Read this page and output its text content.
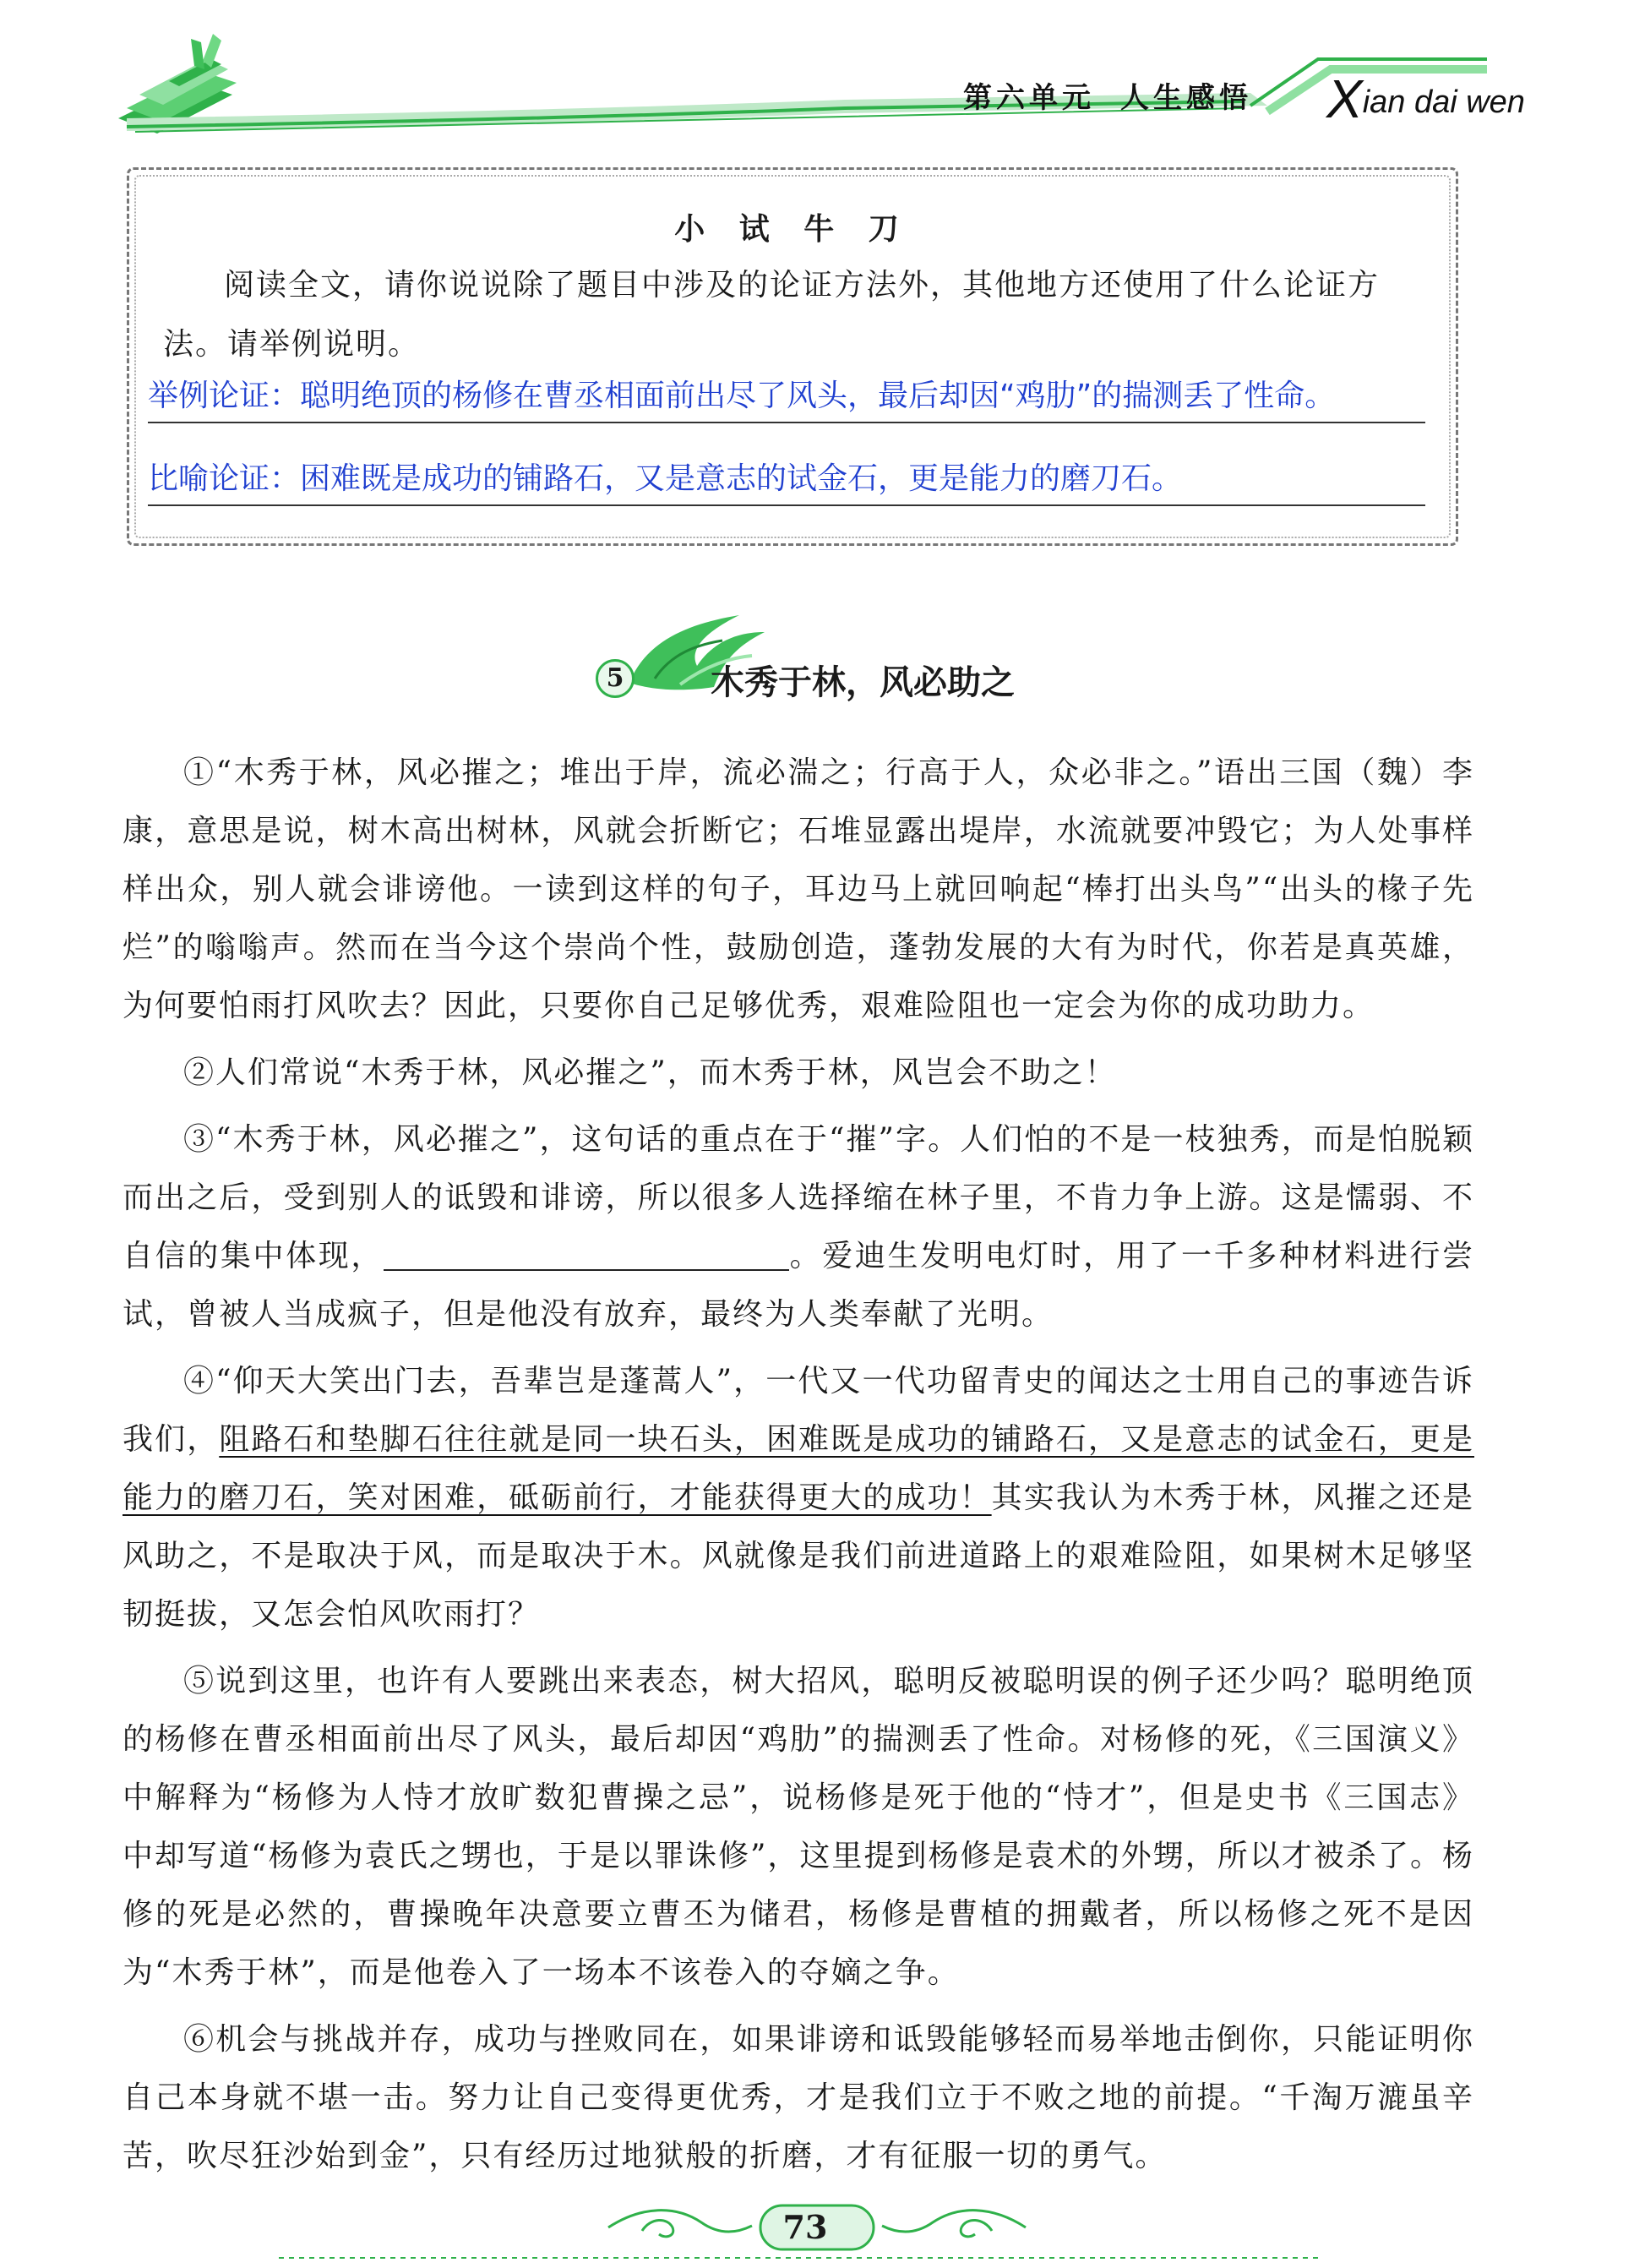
第六单元 人生感悟 Xian dai wen
小 试 牛 刀
阅读全文，请你说说除了题目中涉及的论证方法外，其他地方还使用了什么论证方法。请举例说明。
举例论证：聪明绝顶的杨修在曹丞相面前出尽了风头，最后却因“鸡肋”的揣测丢了性命。
比喻论证：困难既是成功的铺路石，又是意志的试金石，更是能力的磨刀石。
5	木秀于林，风必助之

①“木秀于林，风必摧之；堆出于岸，流必湍之；行高于人，众必非之。”语出三国（魏）李康，意思是说，树木高出树林，风就会折断它；石堆显露出堤岸，水流就要冲毁它；为人处事样样出众，别人就会诽谤他。一读到这样的句子，耳边马上就回响起“棒打出头鸟”“出头的椽子先烂”的嗡嗡声。然而在当今这个崇尚个性，鼓励创造，蓬勃发展的大有为时代，你若是真英雄，为何要怕雨打风吹去？因此，只要你自己足够优秀，艰难险阻也一定会为你的成功助力。

②人们常说“木秀于林，风必摧之”，而木秀于林，风岂会不助之！

③“木秀于林，风必摧之”，这句话的重点在于“摧”字。人们怕的不是一枝独秀，而是怕脱颖而出之后，受到别人的诋毁和诽谤，所以很多人选择缩在林子里，不肯力争上游。这是懦弱、不自信的集中体现，	。爱迪生发明电灯时，用了一千多种材料进行尝试，曾被人当成疯子，但是他没有放弃，最终为人类奉献了光明。

④“仰天大笑出门去，吾辈岂是蓬蒿人”，一代又一代功留青史的闻达之士用自己的事迹告诉我们，阻路石和垫脚石往往就是同一块石头，困难既是成功的铺路石，又是意志的试金石，更是能力的磨刀石，笑对困难，砥砺前行，才能获得更大的成功！其实我认为木秀于林，风摧之还是风助之，不是取决于风，而是取决于木。风就像是我们前进道路上的艰难险阻，如果树木足够坚韧挺拔，又怎会怕风吹雨打？

⑤说到这里，也许有人要跳出来表态，树大招风，聪明反被聪明误的例子还少吗？聪明绝顶的杨修在曹丞相面前出尽了风头，最后却因“鸡肋”的揣测丢了性命。对杨修的死，《三国演义》中解释为“杨修为人恃才放旷数犯曹操之忌”，说杨修是死于他的“恃才”，但是史书《三国志》中却写道“杨修为袁氏之甥也，于是以罪诛修”，这里提到杨修是袁术的外甥，所以才被杀了。杨修的死是必然的，曹操晚年决意要立曹丕为储君，杨修是曹植的拥戴者，所以杨修之死不是因为“木秀于林”，而是他卷入了一场本不该卷入的夺嫡之争。

⑥机会与挑战并存，成功与挫败同在，如果诽谤和诋毁能够轻而易举地击倒你，只能证明你自己本身就不堪一击。努力让自己变得更优秀，才是我们立于不败之地的前提。“千淘万漉虽辛苦，吹尽狂沙始到金”，只有经历过地狱般的折磨，才有征服一切的勇气。

73
